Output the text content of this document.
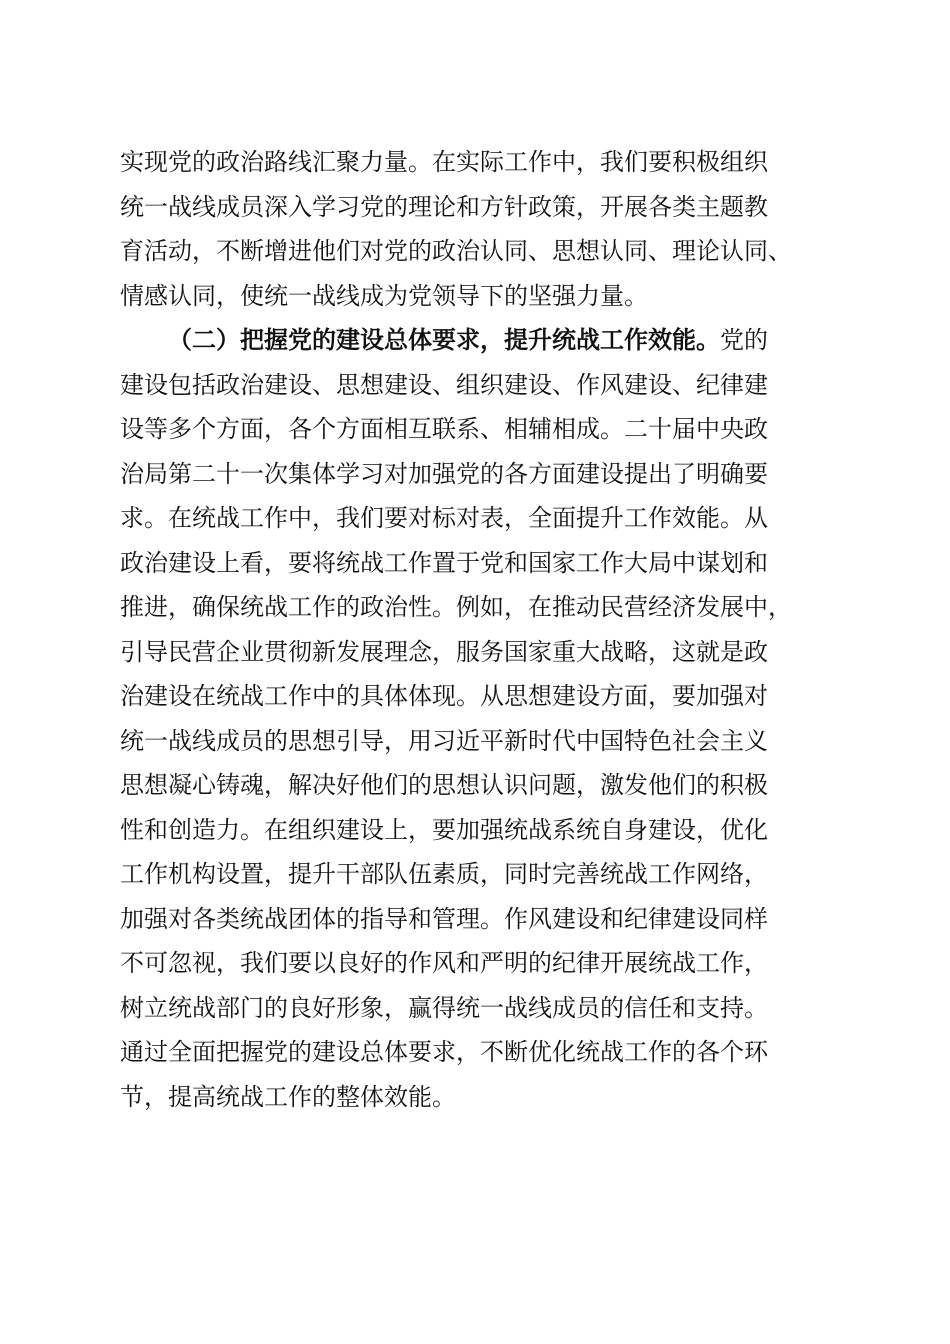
实现党的政治路线汇聚力量。在实际工作中，我们要积极组织
统一战线成员深入学习党的理论和方针政策，开展各类主题教
育活动，不断增进他们对党的政治认同、思想认同、理论认同、
情感认同，使统一战线成为党领导下的坚强力量。
（二）把握党的建设总体要求，提升统战工作效能。党的
建设包括政治建设、思想建设、组织建设、作风建设、纪律建
设等多个方面，各个方面相互联系、相辅相成。二十届中央政
治局第二十一次集体学习对加强党的各方面建设提出了明确要
求。在统战工作中，我们要对标对表，全面提升工作效能。从
政治建设上看，要将统战工作置于党和国家工作大局中谋划和
推进，确保统战工作的政治性。例如，在推动民营经济发展中，
引导民营企业贯彻新发展理念，服务国家重大战略，这就是政
治建设在统战工作中的具体体现。从思想建设方面，要加强对
统一战线成员的思想引导，用习近平新时代中国特色社会主义
思想凝心铸魂，解决好他们的思想认识问题，激发他们的积极
性和创造力。在组织建设上，要加强统战系统自身建设，优化
工作机构设置，提升干部队伍素质，同时完善统战工作网络，
加强对各类统战团体的指导和管理。作风建设和纪律建设同样
不可忽视，我们要以良好的作风和严明的纪律开展统战工作，
树立统战部门的良好形象，赢得统一战线成员的信任和支持。
通过全面把握党的建设总体要求，不断优化统战工作的各个环
节，提高统战工作的整体效能。
